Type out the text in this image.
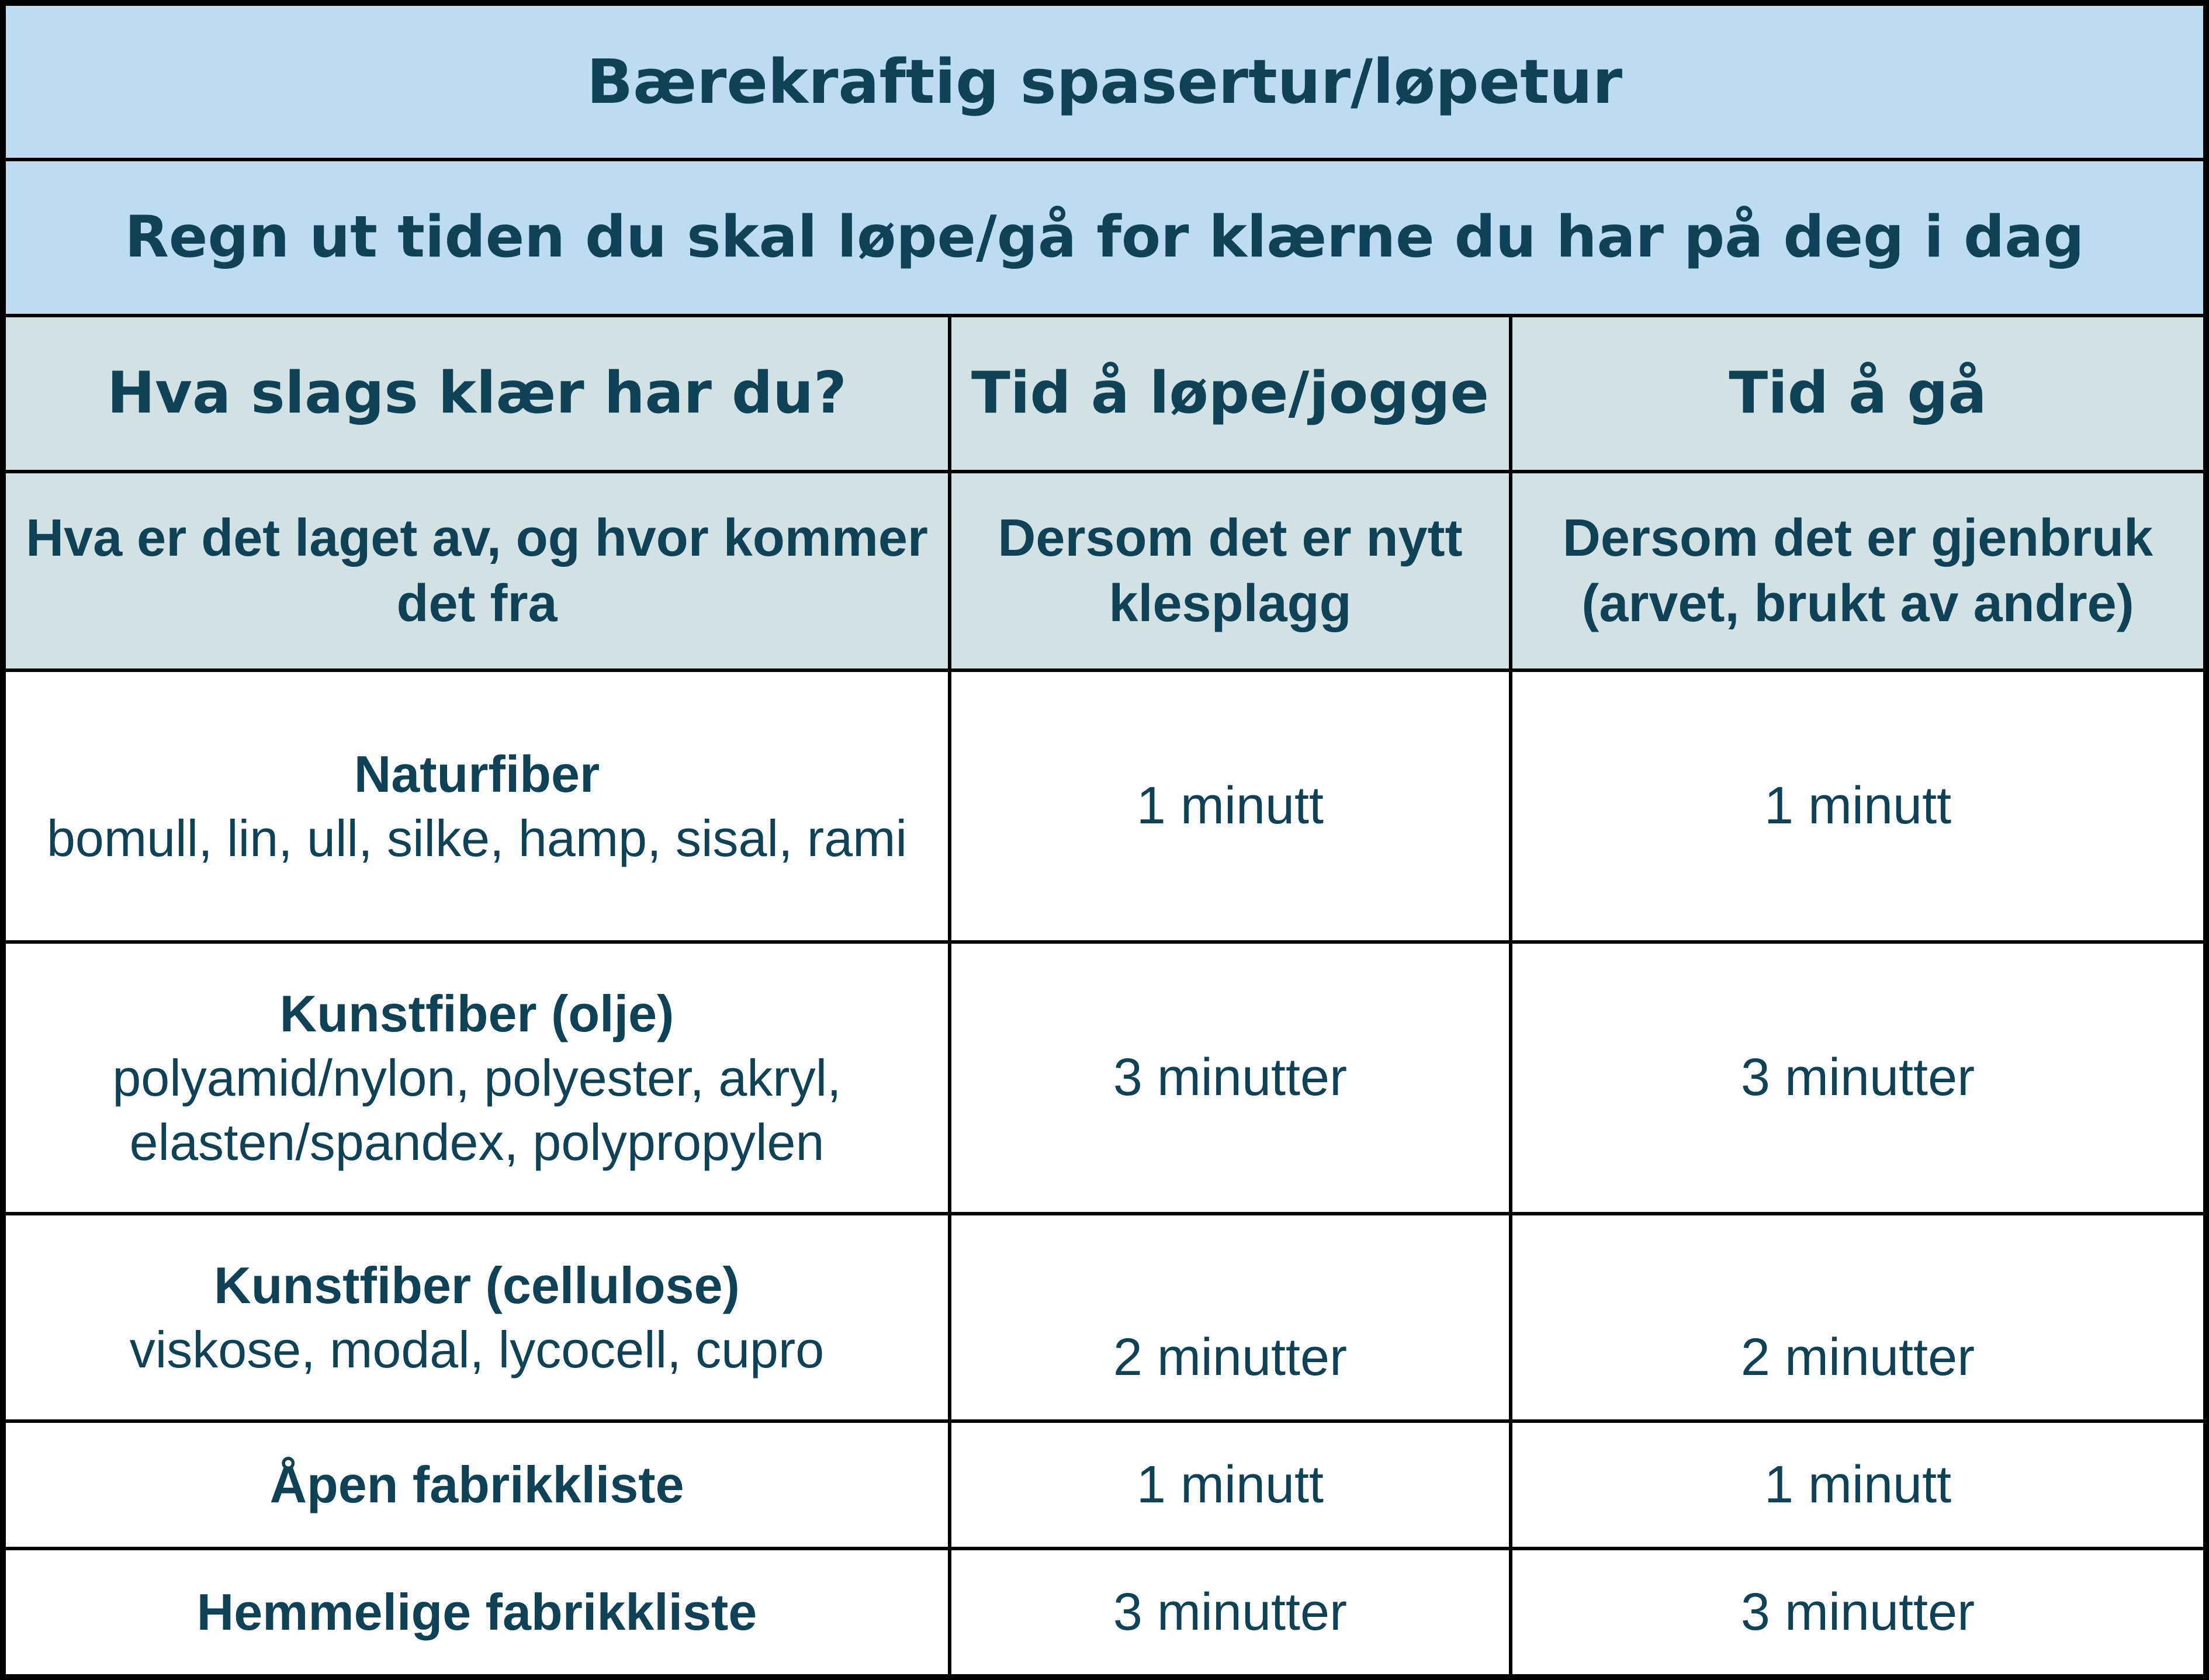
Bærekraftig spasertur/løpetur		
Regn ut tiden du skal løpe/gå for klærne du har på deg i dag		
Hva slags klær har du?	Tid å løpe/jogge	Tid å gå
Hva er det laget av, og hvor kommer det fra	Dersom det er nytt klesplagg	Dersom det er gjenbruk (arvet, brukt av andre)

Naturfiber
bomull, lin, ull, silke, hamp, sisal, rami	1 minutt	1 minutt

Kunstfiber (olje)
polyamid/nylon, polyester, akryl, elasten/spandex, polypropylen	3 minutter	3 minutter

Kunstfiber (cellulose)
viskose, modal, lycocell, cupro	2 minutter	2 minutter

Åpen fabrikkliste	1 minutt	1 minutt

Hemmelige fabrikkliste	3 minutter	3 minutter
